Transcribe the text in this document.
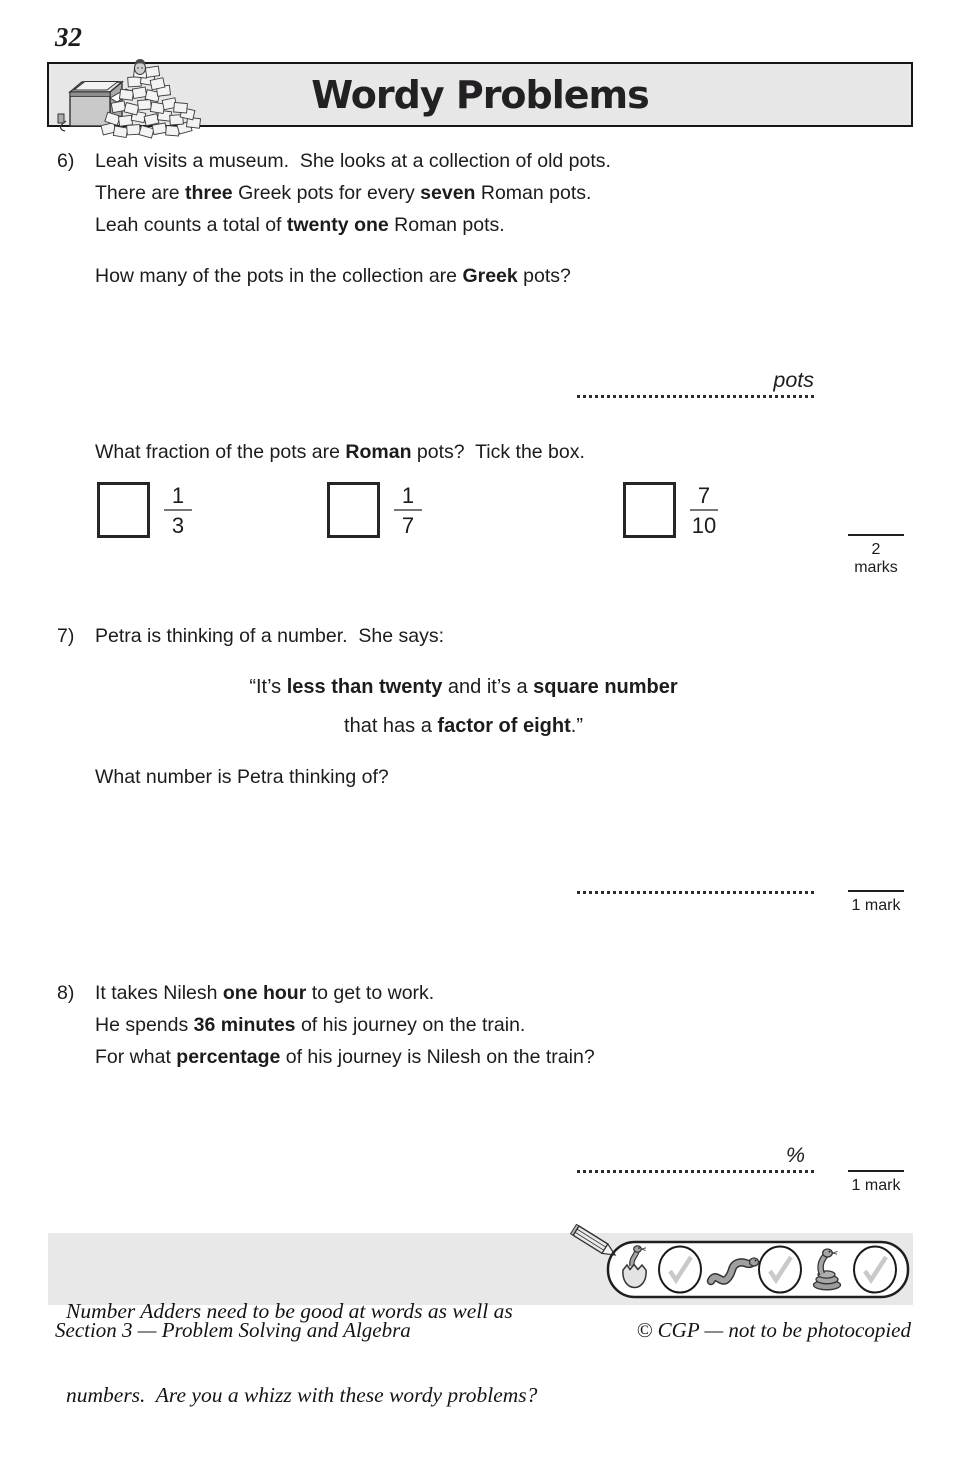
32
Wordy Problems
6)	Leah visits a museum.  She looks at a collection of old pots.
There are three Greek pots for every seven Roman pots.
Leah counts a total of twenty one Roman pots.
How many of the pots in the collection are Greek pots?
pots
What fraction of the pots are Roman pots?  Tick the box.
$\frac{1}{3}$	$\frac{1}{7}$	$\frac{7}{10}$
2 marks
7)	Petra is thinking of a number.  She says:
“It’s less than twenty and it’s a square number
that has a factor of eight.”
What number is Petra thinking of?
1 mark
8)	It takes Nilesh one hour to get to work.
He spends 36 minutes of his journey on the train.
For what percentage of his journey is Nilesh on the train?
%
1 mark

Number Adders need to be good at words as well as

numbers.  Are you a whizz with these wordy problems?

Section 3 — Problem Solving and Algebra	© CGP — not to be photocopied
